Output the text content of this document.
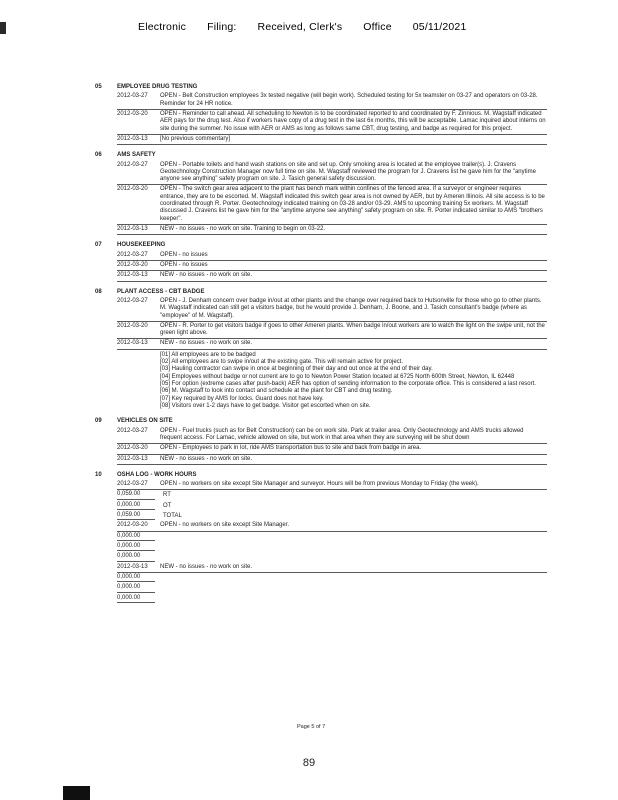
Electronic Filing: Received, Clerk's Office 05/11/2021
05	EMPLOYEE DRUG TESTING
2012-03-27	OPEN - Belt Construction employees 3x tested negative (will begin work). Scheduled testing for 5x teamster on 03-27 and operators on 03-28. Reminder for 24 HR notice.
2012-03-20	OPEN - Reminder to call ahead. All scheduling to Newton is to be coordinated reported to and coordinated by F. Zinnious. M. Wagstaff indicated AER pays for the drug test. Also if workers have copy of a drug test in the last 6x months, this will be acceptable. Lamac inquired about interns on site during the summer. No issue with AER or AMS as long as follows same CBT, drug testing, and badge as required for this project.
2012-03-13	[No previous commentary]
06	AMS SAFETY
2012-03-27	OPEN - Portable toilets and hand wash stations on site and set up. Only smoking area is located at the employee trailer(s). J. Cravens Geotechnology Construction Manager now full time on site. M. Wagstaff reviewed the program for J. Cravens list he gave him for the "anytime anyone see anything" safety program on site. J. Tasich general safety discussion.
2012-03-20	OPEN - The switch gear area adjacent to the plant has bench mark within confines of the fenced area. If a surveyor or engineer requires entrance, they are to be escorted. M. Wagstaff indicated this switch gear area is not owned by AER, but by Ameren Illinois. All site access is to be coordinated through R. Porter. Geotechnology indicated training on 03-28 and/or 03-29. AMS to upcoming training 5x workers. M. Wagstaff discussed J. Cravens list he gave him for the "anytime anyone see anything" safety program on site. R. Porter indicated similar to AMS "brothers keeper".
2012-03-13	NEW - no issues - no work on site. Training to begin on 03-22.
07	HOUSEKEEPING
2012-03-27	OPEN - no issues
2012-03-20	OPEN - no issues
2012-03-13	NEW - no issues - no work on site.
08	PLANT ACCESS - CBT BADGE
2012-03-27	OPEN - J. Denham concern over badge in/out at other plants and the change over required back to Hutsonville for those who go to other plants. M. Wagstaff indicated can still get a visitors badge, but he would provide J. Denham, J. Boone, and J. Tasich consultant's badge (where as "employee" of M. Wagstaff).
2012-03-20	OPEN - R. Porter to get visitors badge if goes to other Ameren plants. When badge in/out workers are to watch the light on the swipe unit, not the green light above.
2012-03-13	NEW - no issues - no work on site.
[01] All employees are to be badged
[02] All employees are to swipe in/out at the existing gate. This will remain active for project.
[03] Hauling contractor can swipe in once at beginning of their day and out once at the end of their day.
[04] Employees without badge or not current are to go to Newton Power Station located at 6725 North 600th Street, Newton, IL 62448
[05] For option (extreme cases after push-back) AER has option of sending information to the corporate office. This is considered a last resort.
[06] M. Wagstaff to look into contact and schedule at the plant for CBT and drug testing.
[07] Key required by AMS for locks. Guard does not have key.
[08] Visitors over 1-2 days have to get badge. Visitor get escorted when on site.
09	VEHICLES ON SITE
2012-03-27	OPEN - Fuel trucks (such as for Belt Construction) can be on work site. Park at trailer area. Only Geotechnology and AMS trucks allowed frequent access. For Lamac, vehicle allowed on site, but work in that area when they are surveying will be shut down
2012-03-20	OPEN - Employees to park in lot, ride AMS transportation bus to site and back from badge in area.
2012-03-13	NEW - no issues - no work on site.
10	OSHA LOG - WORK HOURS
2012-03-27	OPEN - no workers on site except Site Manager and surveyor. Hours will be from previous Monday to Friday (the week).
0,059.00	RT
0,000.00	OT
0,059.00	TOTAL
2012-03-20	OPEN - no workers on site except Site Manager.
0,000.00
0,000.00
0,000.00
2012-03-13	NEW - no issues - no work on site.
0,000.00
0,000.00
0,000.00
Page 5 of 7
89
